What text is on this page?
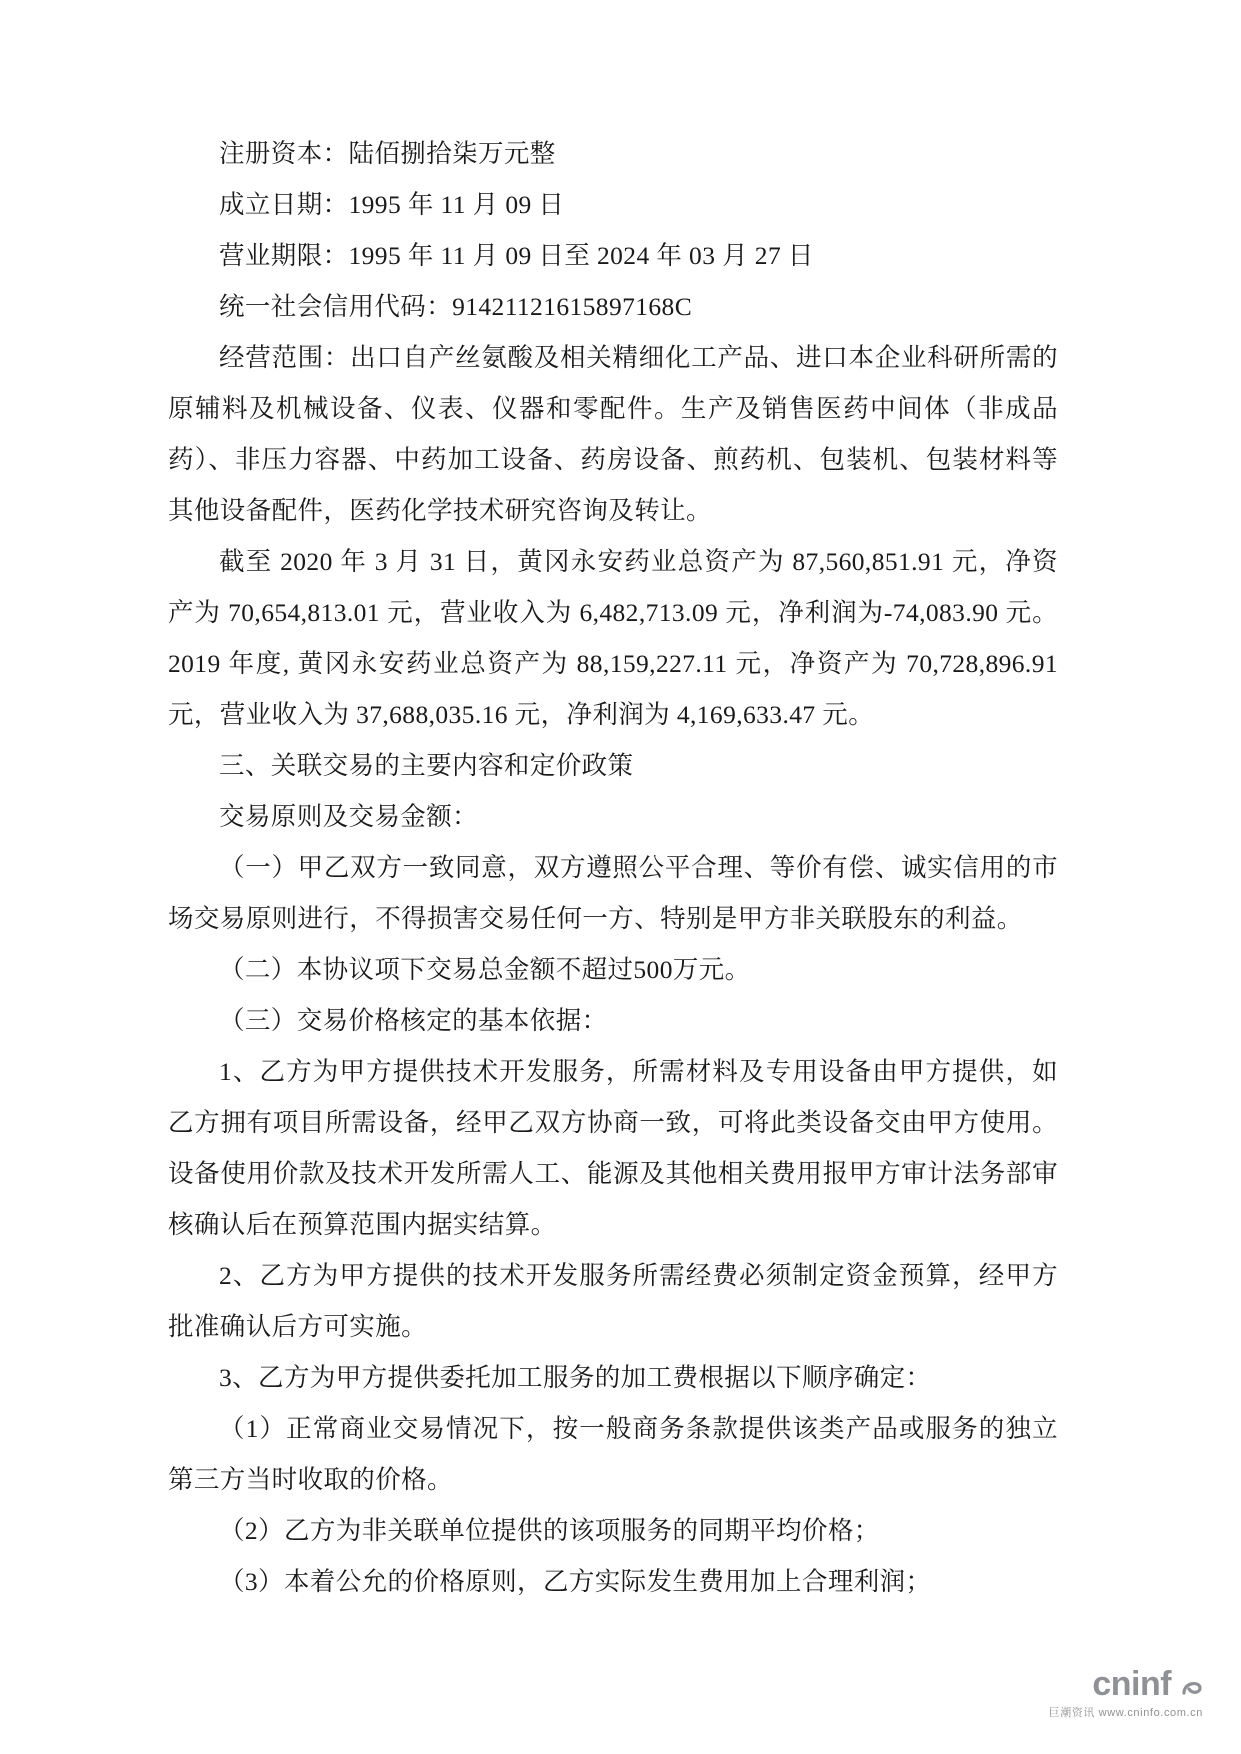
注册资本：陆佰捌拾柒万元整

成立日期：1995 年 11 月 09 日

营业期限：1995 年 11 月 09 日至 2024 年 03 月 27 日

统一社会信用代码：91421121615897168C

经营范围：出口自产丝氨酸及相关精细化工产品、进口本企业科研所需的原辅料及机械设备、仪表、仪器和零配件。生产及销售医药中间体（非成品药）、非压力容器、中药加工设备、药房设备、煎药机、包装机、包装材料等其他设备配件，医药化学技术研究咨询及转让。

截至 2020 年 3 月 31 日，黄冈永安药业总资产为 87,560,851.91 元，净资产为 70,654,813.01 元，营业收入为 6,482,713.09 元，净利润为-74,083.90 元。2019 年度, 黄冈永安药业总资产为 88,159,227.11 元，净资产为 70,728,896.91 元，营业收入为 37,688,035.16 元，净利润为 4,169,633.47 元。

三、关联交易的主要内容和定价政策

交易原则及交易金额：

（一）甲乙双方一致同意，双方遵照公平合理、等价有偿、诚实信用的市场交易原则进行，不得损害交易任何一方、特别是甲方非关联股东的利益。

（二）本协议项下交易总金额不超过500万元。

（三）交易价格核定的基本依据：

1、乙方为甲方提供技术开发服务，所需材料及专用设备由甲方提供，如乙方拥有项目所需设备，经甲乙双方协商一致，可将此类设备交由甲方使用。设备使用价款及技术开发所需人工、能源及其他相关费用报甲方审计法务部审核确认后在预算范围内据实结算。

2、乙方为甲方提供的技术开发服务所需经费必须制定资金预算，经甲方批准确认后方可实施。

3、乙方为甲方提供委托加工服务的加工费根据以下顺序确定：

（1）正常商业交易情况下，按一般商务条款提供该类产品或服务的独立第三方当时收取的价格。

（2）乙方为非关联单位提供的该项服务的同期平均价格；

（3）本着公允的价格原则，乙方实际发生费用加上合理利润；

cninf
巨潮资讯 www.cninfo.com.cn
